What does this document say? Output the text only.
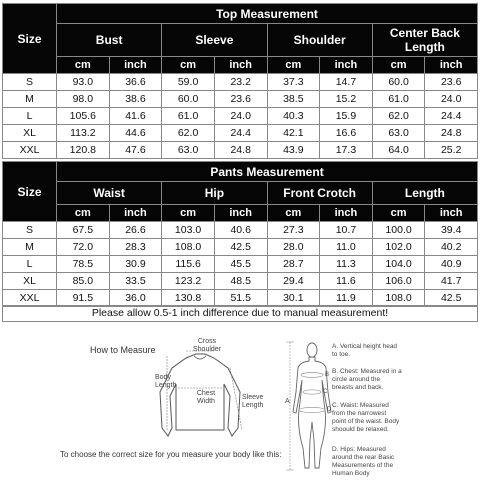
Size	Top Measurement							
	Bust		Sleeve		Shoulder		Center Back Length	
	cm	inch	cm	inch	cm	inch	cm	inch
S	93.0	36.6	59.0	23.2	37.3	14.7	60.0	23.6
M	98.0	38.6	60.0	23.6	38.5	15.2	61.0	24.0
L	105.6	41.6	61.0	24.0	40.3	15.9	62.0	24.4
XL	113.2	44.6	62.0	24.4	42.1	16.6	63.0	24.8
XXL	120.8	47.6	63.0	24.8	43.9	17.3	64.0	25.2
Size	Pants Measurement							
	Waist		Hip		Front Crotch		Length	
	cm	inch	cm	inch	cm	inch	cm	inch
S	67.5	26.6	103.0	40.6	27.3	10.7	100.0	39.4
M	72.0	28.3	108.0	42.5	28.0	11.0	102.0	40.2
L	78.5	30.9	115.6	45.5	28.7	11.3	104.0	40.9
XL	85.0	33.5	123.2	48.5	29.4	11.6	106.0	41.7
XXL	91.5	36.0	130.8	51.5	30.1	11.9	108.0	42.5
Please allow 0.5-1 inch difference due to manual measurement!
How to Measure
Cross Shoulder
Body Length
Chest Width
Sleeve Length
A
B
C
D
A. Vertical height head to toe.
B. Chest: Measured in a circle around the breasts and back.
C. Waist: Measured from the narrowest point of the waist. Body shoould be relaxed.
D. Hips: Measured around the rear Basic Measurements of the Human Body
To choose the correct size for you measure your body like this:
